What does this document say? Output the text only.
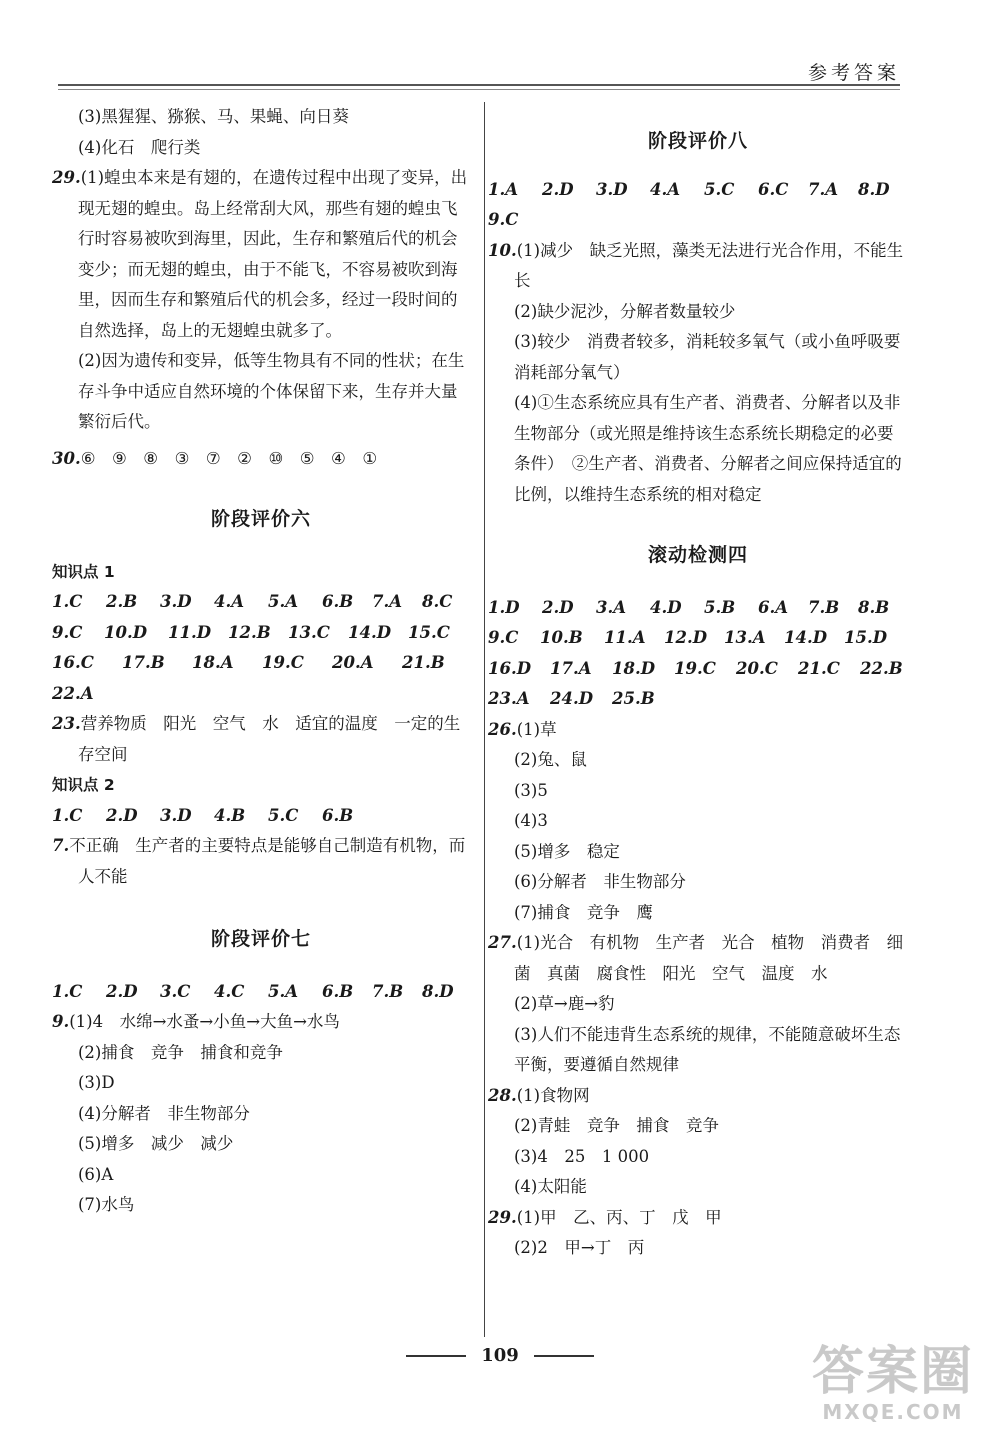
参考答案
(3)黑猩猩、猕猴、马、果蝇、向日葵
(4)化石　爬行类
29.(1)蝗虫本来是有翅的，在遗传过程中出现了变异，出现无翅的蝗虫。岛上经常刮大风，那些有翅的蝗虫飞行时容易被吹到海里，因此，生存和繁殖后代的机会变少；而无翅的蝗虫，由于不能飞，不容易被吹到海里，因而生存和繁殖后代的机会多，经过一段时间的自然选择，岛上的无翅蝗虫就多了。
(2)因为遗传和变异，低等生物具有不同的性状；在生存斗争中适应自然环境的个体保留下来，生存并大量繁衍后代。
30.⑥　⑨　⑧　③　⑦　②　⑩　⑤　④　①
阶段评价六
知识点 1
1.C	2.B	3.D	4.A	5.A	6.B	7.A	8.C
9.C	10.D	11.D	12.B	13.C	14.D	15.C
16.C	17.B	18.A	19.C	20.A	21.B
22.A
23.营养物质　阳光　空气　水　适宜的温度　一定的生存空间
知识点 2
1.C	2.D	3.D	4.B	5.C	6.B
7.不正确　生产者的主要特点是能够自己制造有机物，而人不能
阶段评价七
1.C	2.D	3.C	4.C	5.A	6.B	7.B	8.D
9.(1)4　水绵→水蚤→小鱼→大鱼→水鸟
(2)捕食　竞争　捕食和竞争
(3)D
(4)分解者　非生物部分
(5)增多　减少　减少
(6)A
(7)水鸟
阶段评价八
1.A	2.D	3.D	4.A	5.C	6.C	7.A	8.D
9.C
10.(1)减少　缺乏光照，藻类无法进行光合作用，不能生长
(2)缺少泥沙，分解者数量较少
(3)较少　消费者较多，消耗较多氧气（或小鱼呼吸要消耗部分氧气）
(4)①生态系统应具有生产者、消费者、分解者以及非生物部分（或光照是维持该生态系统长期稳定的必要条件）　②生产者、消费者、分解者之间应保持适宜的比例，以维持生态系统的相对稳定
滚动检测四
1.D	2.D	3.A	4.D	5.B	6.A	7.B	8.B
9.C	10.B	11.A	12.D	13.A	14.D	15.D
16.D	17.A	18.D	19.C	20.C	21.C	22.B
23.A	24.D	25.B
26.(1)草
(2)兔、鼠
(3)5
(4)3
(5)增多　稳定
(6)分解者　非生物部分
(7)捕食　竞争　鹰
27.(1)光合　有机物　生产者　光合　植物　消费者　细菌　真菌　腐食性　阳光　空气　温度　水
(2)草→鹿→豹
(3)人们不能违背生态系统的规律，不能随意破坏生态平衡，要遵循自然规律
28.(1)食物网
(2)青蛙　竞争　捕食　竞争
(3)4　25　1 000
(4)太阳能
29.(1)甲　乙、丙、丁　戊　甲
(2)2　甲→丁　丙
109	答案圈
MXQE.COM
